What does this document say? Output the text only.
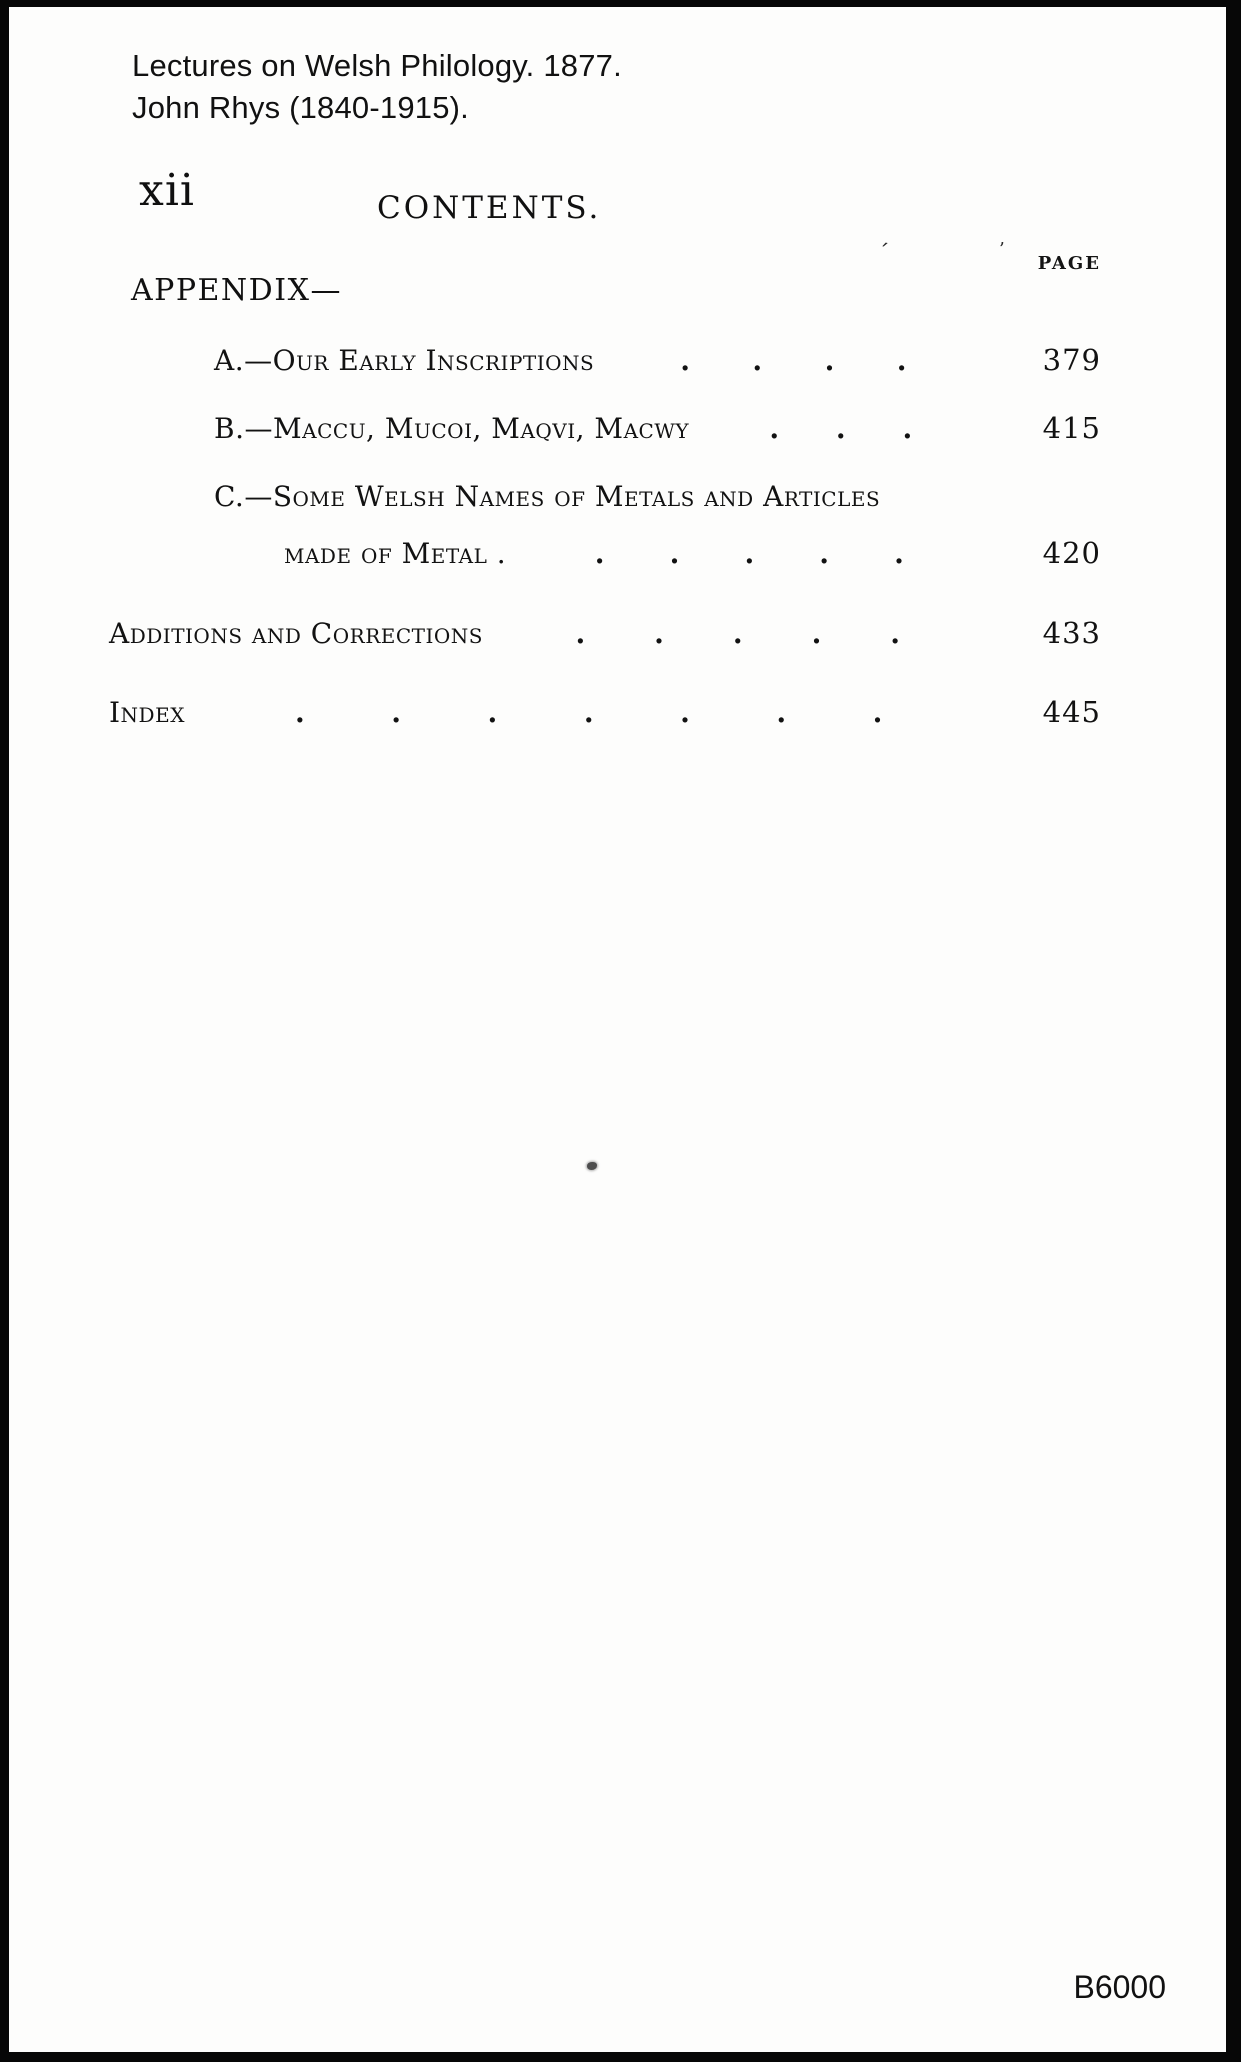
Lectures on Welsh Philology. 1877.
John Rhys (1840-1915).
xii	CONTENTS.
´	’
PAGE
APPENDIX—
A.—Our Early Inscriptions	. . . .	379
B.—Maccu, Mucoi, Maqvi, Macwy	. . .	415
C.—Some Welsh Names of Metals and Articles
made of Metal .	. . . . .	420
Additions and Corrections	. . . . .	433
Index	.	.	.	.	.	.	.	445
B6000
